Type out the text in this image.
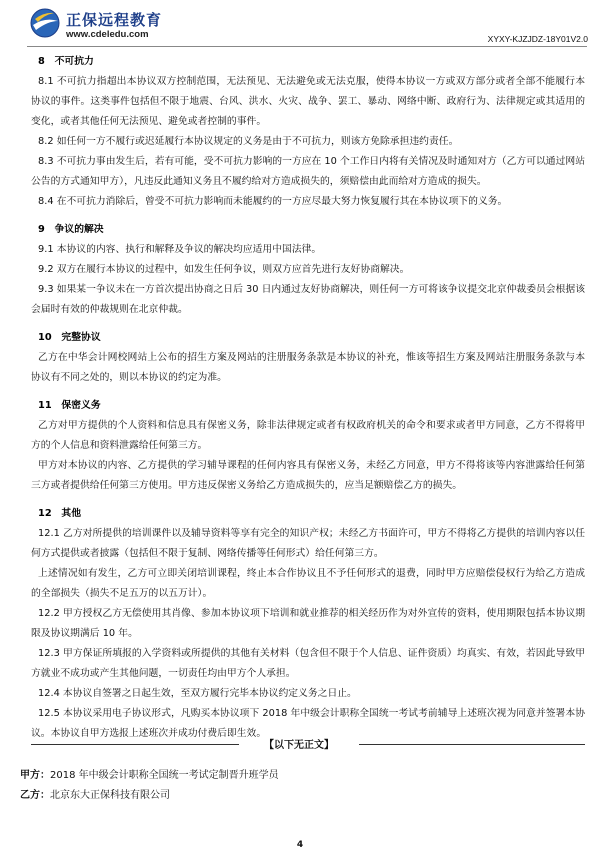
正保远程教育
www.cdeledu.com	XYXY-KJZJDZ-18Y01V2.0
8　不可抗力

8.1 不可抗力指超出本协议双方控制范围，无法预见、无法避免或无法克服，使得本协议一方或双方部分或者全部不能履行本协议的事件。这类事件包括但不限于地震、台风、洪水、火灾、战争、罢工、暴动、网络中断、政府行为、法律规定或其适用的变化，或者其他任何无法预见、避免或者控制的事件。

8.2 如任何一方不履行或迟延履行本协议规定的义务是由于不可抗力，则该方免除承担违约责任。

8.3 不可抗力事由发生后，若有可能，受不可抗力影响的一方应在 10 个工作日内将有关情况及时通知对方（乙方可以通过网站公告的方式通知甲方），凡违反此通知义务且不履约给对方造成损失的，须赔偿由此而给对方造成的损失。

8.4 在不可抗力消除后，曾受不可抗力影响而未能履约的一方应尽最大努力恢复履行其在本协议项下的义务。

9　争议的解决

9.1 本协议的内容、执行和解释及争议的解决均应适用中国法律。

9.2 双方在履行本协议的过程中，如发生任何争议，则双方应首先进行友好协商解决。

9.3 如果某一争议未在一方首次提出协商之日后 30 日内通过友好协商解决，则任何一方可将该争议提交北京仲裁委员会根据该会届时有效的仲裁规则在北京仲裁。

10　完整协议

乙方在中华会计网校网站上公布的招生方案及网站的注册服务条款是本协议的补充，惟该等招生方案及网站注册服务条款与本协议有不同之处的，则以本协议的约定为准。

11　保密义务

乙方对甲方提供的个人资料和信息具有保密义务，除非法律规定或者有权政府机关的命令和要求或者甲方同意，乙方不得将甲方的个人信息和资料泄露给任何第三方。

甲方对本协议的内容、乙方提供的学习辅导课程的任何内容具有保密义务，未经乙方同意，甲方不得将该等内容泄露给任何第三方或者提供给任何第三方使用。甲方违反保密义务给乙方造成损失的，应当足额赔偿乙方的损失。

12　其他

12.1 乙方对所提供的培训课件以及辅导资料等享有完全的知识产权；未经乙方书面许可，甲方不得将乙方提供的培训内容以任何方式提供或者披露（包括但不限于复制、网络传播等任何形式）给任何第三方。

上述情况如有发生，乙方可立即关闭培训课程，终止本合作协议且不予任何形式的退费，同时甲方应赔偿侵权行为给乙方造成的全部损失（损失不足五万的以五万计）。

12.2 甲方授权乙方无偿使用其肖像、参加本协议项下培训和就业推荐的相关经历作为对外宣传的资料，使用期限包括本协议期限及协议期满后 10 年。

12.3 甲方保证所填报的入学资料或所提供的其他有关材料（包含但不限于个人信息、证件资质）均真实、有效，若因此导致甲方就业不成功或产生其他问题，一切责任均由甲方个人承担。

12.4 本协议自签署之日起生效，至双方履行完毕本协议约定义务之日止。

12.5 本协议采用电子协议形式，凡购买本协议项下 2018 年中级会计职称全国统一考试考前辅导上述班次视为同意并签署本协议。本协议自甲方选报上述班次并成功付费后即生效。

【以下无正文】
甲方：2018 年中级会计职称全国统一考试定制晋升班学员
乙方：北京东大正保科技有限公司
4
